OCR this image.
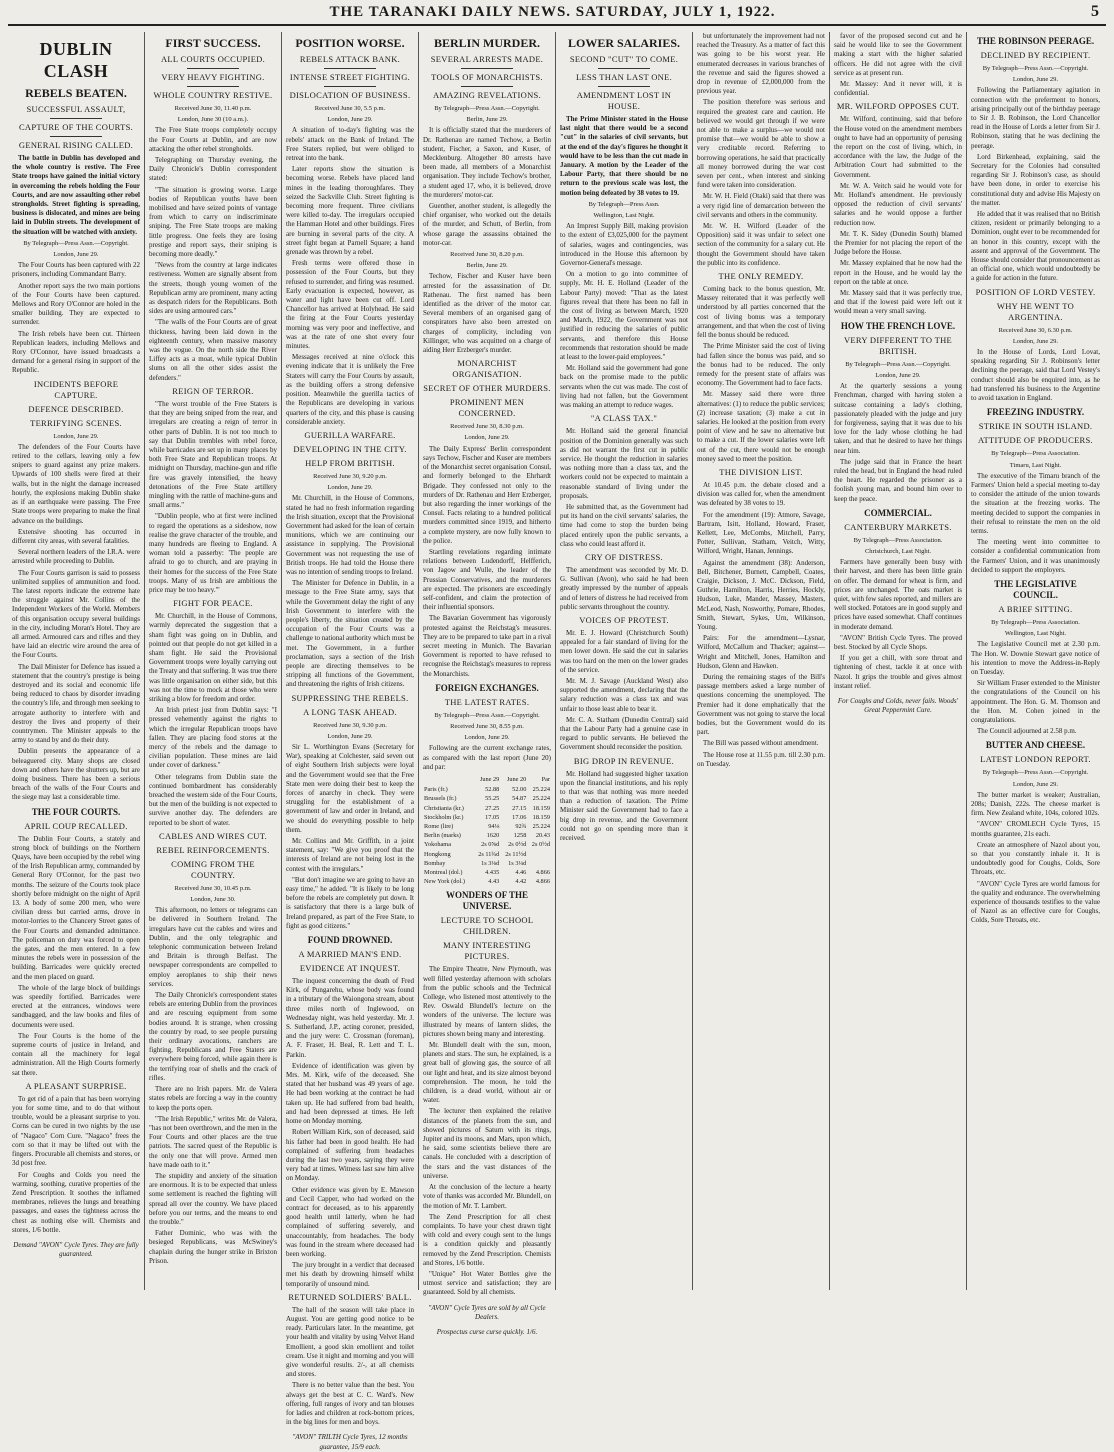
THE TARANAKI DAILY NEWS. SATURDAY, JULY 1, 1922.	5
DUBLIN CLASH
REBELS BEATEN.
SUCCESSFUL ASSAULT,
CAPTURE OF THE COURTS.
GENERAL RISING CALLED.

The battle in Dublin has developed and the whole country is restive. The Free State troops have gained the initial victory in overcoming the rebels holding the Four Courts, and are now assaulting other rebel strongholds. Street fighting is spreading, business is dislocated, and mines are being laid in Dublin streets. The development of the situation will be watched with anxiety.

By Telegraph—Press Assn.—Copyright.
London, June 29.

The Four Courts has been captured with 22 prisoners, including Commandant Barry.

Another report says the two main portions of the Four Courts have been captured. Mellows and Rory O'Connor are holed in the smaller building. They are expected to surrender.

The Irish rebels have been cut. Thirteen Republican leaders, including Mellows and Rory O'Connor, have issued broadcasts a demand for a general rising in support of the Republic.

INCIDENTS BEFORE CAPTURE.
DEFENCE DESCRIBED.
TERRIFYING SCENES.
London, June 29.

The defenders of the Four Courts have retired to the cellars, leaving only a few snipers to guard against any prize makers. Upwards of 100 shells were fired at their walls, but in the night the damage increased hourly, the explosions making Dublin shake as if an earthquake were passing. The Free State troops were preparing to make the final advance on the buildings.

Extensive shooting has occurred in different city areas, with several fatalities.

Several northern leaders of the I.R.A. were arrested while proceeding to Dublin.

The Four Courts garrison is said to possess unlimited supplies of ammunition and food. The latest reports indicate the extreme hate the struggle against Mr. Collins of the Independent Workers of the World. Members of this organisation occupy several buildings in the city, including Moran's Hotel. They are all armed. Armoured cars and rifles and they have laid an electric wire around the area of the Four Courts.

The Dail Minister for Defence has issued a statement that the country's prestige is being destroyed and its social and economic life being reduced to chaos by disorder invading the country's life, and through men seeking to arrogate authority to interfere with and destroy the lives and property of their countrymen. The Minister appeals to the army to stand by and do their duty.

Dublin presents the appearance of a beleaguered city. Many shops are closed down and others have the shutters up, but are doing business. There has been a serious breach of the walls of the Four Courts and the siege may last a considerable time.

THE FOUR COURTS.
APRIL COUP RECALLED.

The Dublin Four Courts, a stately and strong block of buildings on the Northern Quays, have been occupied by the rebel wing of the Irish Republican army, commanded by General Rory O'Connor, for the past two months. The seizure of the Courts took place shortly before midnight on the night of April 13. A body of some 200 men, who were civilian dress but carried arms, drove in motor-lorries to the Chancery Street gates of the Four Courts and demanded admittance. The policeman on duty was forced to open the gates, and the men entered. In a few minutes the rebels were in possession of the building. Barricades were quickly erected and the men placed on guard.

The whole of the large block of buildings was speedily fortified. Barricades were erected at the entrances, windows were sandbagged, and the law books and files of documents were used.

The Four Courts is the home of the supreme courts of justice in Ireland, and contain all the machinery for legal administration. All the High Courts formerly sat there.

A PLEASANT SURPRISE.

To get rid of a pain that has been worrying you for some time, and to do that without trouble, would be a pleasant surprise to you. Corns can be cured in two nights by the use of "Nagaco" Corn Cure. "Nagaco" frees the corn so that it may be lifted out with the fingers. Procurable all chemists and stores, or 3d post free.

For Coughs and Colds you need the warming, soothing, curative properties of the Zend Prescription. It soothes the inflamed membranes, relieves the lungs and breathing passages, and eases the tightness across the chest as nothing else will. Chemists and stores, 1/6 bottle.

Demand "AVON" Cycle Tyres. They are fully guaranteed.
FIRST SUCCESS.
ALL COURTS OCCUPIED.
VERY HEAVY FIGHTING.
WHOLE COUNTRY RESTIVE.
Received June 30, 11.40 p.m.
London, June 30 (10 a.m.).

The Free State troops completely occupy the Four Courts at Dublin, and are now attacking the other rebel strongholds.

Telegraphing on Thursday evening, the Daily Chronicle's Dublin correspondent stated:

"The situation is growing worse. Large bodies of Republican youths have been mobilised and have seized points of vantage from which to carry on indiscriminate sniping. The Free State troops are making little progress. One feels they are losing prestige and report says, their sniping is becoming more deadly."

"News from the country at large indicates restiveness. Women are signally absent from the streets, though young women of the Republican army are prominent, many acting as despatch riders for the Republicans. Both sides are using armoured cars."

"The walls of the Four Courts are of great thickness, having been laid down in the eighteenth century, when massive masonry was the vogue. On the north side the River Liffey acts as a moat, while typical Dublin slums on all the other sides assist the defenders."

REIGN OF TERROR.

"The worst trouble of the Free Staters is that they are being sniped from the rear, and irregulars are creating a reign of terror in other parts of Dublin. It is not too much to say that Dublin trembles with rebel force, while barricades are set up in many places by both Free State and Republican troops. At midnight on Thursday, machine-gun and rifle fire was gravely intensified, the heavy detonations of the Free State artillery mingling with the rattle of machine-guns and small arms."

"Dublin people, who at first were inclined to regard the operations as a sideshow, now realise the grave character of the trouble, and many hundreds are fleeing to England. A woman told a passerby: 'The people are afraid to go to church, and are praying in their homes for the success of the Free State troops. Many of us Irish are ambitious the price may be too heavy.'"

FIGHT FOR PEACE.

Mr. Churchill, in the House of Commons, warmly deprecated the suggestion that a sham fight was going on in Dublin, and pointed out that people do not get killed in a sham fight. He said the Provisional Government troops were loyally carrying out the Treaty and that suffering. It was true there was little organisation on either side, but this was not the time to mock at those who were striking a blow for freedom and order.

An Irish priest just from Dublin says: "I pressed vehemently against the rights to which the irregular Republican troops have fallen. They are placing food stores at the mercy of the rebels and the damage to civilian population. These mines are laid under cover of darkness."

Other telegrams from Dublin state the continued bombardment has considerably breached the western side of the Four Courts, but the men of the building is not expected to survive another day. The defenders are reported to be short of water.

CABLES AND WIRES CUT.
REBEL REINFORCEMENTS.
COMING FROM THE COUNTRY.
Received June 30, 10.45 p.m.
London, June 30.

This afternoon, no letters or telegrams can be delivered in Southern Ireland. The irregulars have cut the cables and wires and Dublin, and the only telegraphic and telephonic communication between Ireland and Britain is through Belfast. The newspaper correspondents are compelled to employ aeroplanes to ship their news services.

The Daily Chronicle's correspondent states rebels are entering Dublin from the provinces and are rescuing equipment from some bodies around. It is strange, when crossing the country by road, to see people pursuing their ordinary avocations, ranchers are fighting, Republicans and Free Staters are everywhere being forced, while again there is the terrifying roar of shells and the crack of rifles.

There are no Irish papers. Mr. de Valera states rebels are forcing a way in the country to keep the ports open.

"The Irish Republic," writes Mr. de Valera, "has not been overthrown, and the men in the Four Courts and other places are the true patriots. The sacred quest of the Republic is the only one that will prove. Armed men have made oath to it."

The stupidity and anxiety of the situation are enormous. It is to be expected that unless some settlement is reached the fighting will spread all over the country. We have placed before you our terms, and the means to end the trouble."

Father Dominic, who was with the besieged Republicans, was McSwiney's chaplain during the hunger strike in Brixton Prison.

POSITION WORSE.
REBELS ATTACK BANK.
INTENSE STREET FIGHTING.
DISLOCATION OF BUSINESS.
Received June 30, 5.5 p.m.
London, June 29.

A situation of to-day's fighting was the rebels' attack on the Bank of Ireland. The Free Staters replied, but were obliged to retreat into the bank.

Later reports show the situation is becoming worse. Rebels have placed land mines in the leading thoroughfares. They seized the Sackville Club. Street fighting is becoming more frequent. Three civilians were killed to-day. The irregulars occupied the Hamman Hotel and other buildings. Fires are burning in several parts of the city. A street fight began at Parnell Square; a hand grenade was thrown by a rebel.

Fresh terms were offered those in possession of the Four Courts, but they refused to surrender, and firing was resumed. Early evacuation is expected, however, as water and light have been cut off. Lord Chancellor has arrived at Holyhead. He said the firing at the Four Courts yesterday morning was very poor and ineffective, and was at the rate of one shot every four minutes.

Messages received at nine o'clock this evening indicate that it is unlikely the Free Staters will carry the Four Courts by assault, as the building offers a strong defensive position. Meanwhile the guerilla tactics of the Republicans are developing in various quarters of the city, and this phase is causing considerable anxiety.

GUERILLA WARFARE.
DEVELOPING IN THE CITY.
HELP FROM BRITISH.
Received June 30, 9.20 p.m.
London, June 29.

Mr. Churchill, in the House of Commons, stated he had no fresh information regarding the Irish situation, except that the Provisional Government had asked for the loan of certain munitions, which we are continuing our assistance in supplying. The Provisional Government was not requesting the use of British troops. He had told the House there was no intention of sending troops to Ireland.

The Minister for Defence in Dublin, in a message to the Free State army, says that while the Government delay the right of any Irish Government to interfere with the people's liberty, the situation created by the occupation of the Four Courts was a challenge to national authority which must be met. The Government, in a further proclamation, says a section of the Irish people are directing themselves to be stripping all functions of the Government, and threatening the rights of Irish citizens.

SUPPRESSING THE REBELS.
A LONG TASK AHEAD.
Received June 30, 9.30 p.m.
London, June 29.

Sir L. Worthington Evans (Secretary for War), speaking at Colchester, said seven out of eight Southern Irish subjects were loyal and the Government would see that the Free State men were doing their best to keep the forces of anarchy in check. They were struggling for the establishment of a government of law and order in Ireland, and we should do everything possible to help them.

Mr. Collins and Mr. Griffith, in a joint statement, say: "We give you proof that the interests of Ireland are not being lost in the contest with the irregulars."

"But don't imagine we are going to have an easy time," he added. "It is likely to be long before the rebels are completely put down. It is satisfactory that there is a large bulk of Ireland prepared, as part of the Free State, to fight as good citizens."

FOUND DROWNED.
A MARRIED MAN'S END.
EVIDENCE AT INQUEST.

The inquest concerning the death of Fred Kirk, of Pungarehu, whose body was found in a tributary of the Waiongona stream, about three miles north of Inglewood, on Wednesday night, was held yesterday. Mr. J. S. Sutherland, J.P., acting coroner, presided, and the jury were: C. Crossman (foreman), A. F. Fraser, H. Beal, R. Lett and T. L. Parkin.

Evidence of identification was given by Mrs. M. Kirk, wife of the deceased. She stated that her husband was 49 years of age. He had been working at the contract he had taken up. He had suffered from bad health, and had been depressed at times. He left home on Monday morning.

Robert William Kirk, son of deceased, said his father had been in good health. He had complained of suffering from headaches during the last two years, saying they were very bad at times. Witness last saw him alive on Monday.

Other evidence was given by E. Mawson and Cecil Capper, who had worked on the contract for deceased, as to his apparently good health until latterly, when he had complained of suffering severely, and unaccountably, from headaches. The body was found in the stream where deceased had been working.

The jury brought in a verdict that deceased met his death by drowning himself whilst temporarily of unsound mind.

RETURNED SOLDIERS' BALL.

The hall of the season will take place in August. You are getting good notice to be ready. Particulars later. In the meantime, get your health and vitality by using Velvet Hand Emollient, a good skin emollient and toilet cream. Use it night and morning and you will give wonderful results. 2/-, at all chemists and stores.

There is no better value than the best. You always get the best at C. C. Ward's. New offering, full ranges of ivory and tan blouses for ladies and children at rock-bottom prices, in the big lines for men and boys.

"AVON" TRILTH Cycle Tyres, 12 months guarantee, 15/9 each.
BERLIN MURDER.
SEVERAL ARRESTS MADE.
TOOLS OF MONARCHISTS.
AMAZING REVELATIONS.
By Telegraph—Press Assn.—Copyright.
Berlin, June 29.

It is officially stated that the murderers of Dr. Rathenau are named Techow, a Berlin student, Fischer, a Saxon, and Kuser, of Mecklenburg. Altogether 80 arrests have been made, all members of a Monarchist organisation. They include Techow's brother, a student aged 17, who, it is believed, drove the murderers' motor-car.

Guenther, another student, is allegedly the chief organiser, who worked out the details of the murder, and Schutt, of Berlin, from whose garage the assassins obtained the motor-car.

Received June 30, 8.20 p.m.
Berlin, June 29.

Techow, Fischer and Kuser have been arrested for the assassination of Dr. Rathenau. The first named has been identified as the driver of the motor car. Several members of an organised gang of conspirators have also been arrested on charges of complicity, including von Killinger, who was acquitted on a charge of aiding Herr Erzberger's murder.

MONARCHIST ORGANISATION.
SECRET OF OTHER MURDERS.
PROMINENT MEN CONCERNED.
Received June 30, 8.30 p.m.
London, June 29.

The Daily Express' Berlin correspondent says Techow, Fischer and Kuser are members of the Monarchist secret organisation Consul, and formerly belonged to the Ehrhardt Brigade. They confessed not only to the murders of Dr. Rathenau and Herr Erzberger, but also regarding the inner workings of the Consul. Facts relating to a hundred political murders committed since 1919, and hitherto a complete mystery, are now fully known to the police.

Startling revelations regarding intimate relations between Ludendorff, Helfferich, von Jagow and Wulle, the leader of the Prussian Conservatives, and the murderers are expected. The prisoners are exceedingly self-confident, and claim the protection of their influential sponsors.

The Bavarian Government has vigorously protested against the Reichstag's measures. They are to be prepared to take part in a rival secret meeting in Munich. The Bavarian Government is reported to have refused to recognise the Reichstag's measures to repress the Monarchists.

FOREIGN EXCHANGES.
THE LATEST RATES.
By Telegraph—Press Assn.—Copyright.
Received June 30, 8.55 p.m.
London, June 29.

Following are the current exchange rates, as compared with the last report (June 20) and par:

	June 29	June 20	Par
Paris (fr.)	52.88	52.00	25.224
Brussels (fr.)	55.25	54.87	25.224
Christiania (kr.)	27.25	27.15	18.159
Stockholm (kr.)	17.05	17.06	18.159
Rome (lire)	94⅛	92¾	25.224
Berlin (marks)	1620	1258	20.43
Yokohama	2s 0⅝d	2s 0½d	2s 0½d
Hongkong	2s 11¾d	2s 11½d	
Bombay	1s 3⅛d	1s 3¼d	
Montreal (dol.)	4.435	4.46	4.866
New York (dol.)	4.43	4.42	4.866
WONDERS OF THE UNIVERSE.
LECTURE TO SCHOOL CHILDREN.
MANY INTERESTING PICTURES.

The Empire Theatre, New Plymouth, was well filled yesterday afternoon with scholars from the public schools and the Technical College, who listened most attentively to the Rev. Oswald Blundell's lecture on the wonders of the universe. The lecture was illustrated by means of lantern slides, the pictures shown being many and interesting.

Mr. Blundell dealt with the sun, moon, planets and stars. The sun, he explained, is a great ball of glowing gas, the source of all our light and heat, and its size almost beyond comprehension. The moon, he told the children, is a dead world, without air or water.

The lecturer then explained the relative distances of the planets from the sun, and showed pictures of Saturn with its rings, Jupiter and its moons, and Mars, upon which, he said, some scientists believe there are canals. He concluded with a description of the stars and the vast distances of the universe.

At the conclusion of the lecture a hearty vote of thanks was accorded Mr. Blundell, on the motion of Mr. T. Lambert.

The Zend Prescription for all chest complaints. To have your chest drawn tight with cold and every cough sent to the lungs is a condition quickly and pleasantly removed by the Zend Prescription. Chemists and Stores, 1/6 bottle.

"Unique" Hot Water Bottles give the utmost service and satisfaction; they are guaranteed. Sold by all chemists.

"AVON" Cycle Tyres are sold by all Cycle Dealers.
Prospectus curse curse quickly. 1/6.
LOWER SALARIES.
SECOND "CUT" TO COME.
LESS THAN LAST ONE.
AMENDMENT LOST IN HOUSE.

The Prime Minister stated in the House last night that there would be a second "cut" in the salaries of civil servants, but at the end of the day's figures he thought it would have to be less than the cut made in January. A motion by the Leader of the Labour Party, that there should be no return to the previous scale was lost, the motion being defeated by 38 votes to 19.

By Telegraph—Press Assn.
Wellington, Last Night.

An Imprest Supply Bill, making provision to the extent of £3,025,000 for the payment of salaries, wages and contingencies, was introduced in the House this afternoon by Governor-General's message.

On a motion to go into committee of supply, Mr. H. E. Holland (Leader of the Labour Party) moved: "That as the latest figures reveal that there has been no fall in the cost of living as between March, 1920 and March, 1922, the Government was not justified in reducing the salaries of public servants, and therefore this House recommends that restoration should be made at least to the lower-paid employees."

Mr. Holland said the government had gone back on the promise made to the public servants when the cut was made. The cost of living had not fallen, but the Government was making an attempt to reduce wages.

"A CLASS TAX."

Mr. Holland said the general financial position of the Dominion generally was such as did not warrant the first cut in public service. He thought the reduction in salaries was nothing more than a class tax, and the workers could not be expected to maintain a reasonable standard of living under the proposals.

He submitted that, as the Government had put its hand on the civil servants' salaries, the time had come to stop the burden being placed entirely upon the public servants, a class who could least afford it.

CRY OF DISTRESS.

The amendment was seconded by Mr. D. G. Sullivan (Avon), who said he had been greatly impressed by the number of appeals and of letters of distress he had received from public servants throughout the country.

VOICES OF PROTEST.

Mr. E. J. Howard (Christchurch South) appealed for a fair standard of living for the men lower down. He said the cut in salaries was too hard on the men on the lower grades of the service.

Mr. M. J. Savage (Auckland West) also supported the amendment, declaring that the salary reduction was a class tax and was unfair to those least able to bear it.

Mr. C. A. Statham (Dunedin Central) said that the Labour Party had a genuine case in regard to public servants. He believed the Government should reconsider the position.

BIG DROP IN REVENUE.

Mr. Holland had suggested higher taxation upon the financial institutions, and his reply to that was that nothing was more needed than a reduction of taxation. The Prime Minister said the Government had to face a big drop in revenue, and the Government could not go on spending more than it received.

but unfortunately the improvement had not reached the Treasury. As a matter of fact this was going to be his worst year. He enumerated decreases in various branches of the revenue and said the figures showed a drop in revenue of £2,000,000 from the previous year.

The position therefore was serious and required the greatest care and caution. He believed we would get through if we were not able to make a surplus—we would not promise that—we would be able to show a very creditable record. Referring to borrowing operations, he said that practically all money borrowed during the war cost seven per cent., when interest and sinking fund were taken into consideration.

Mr. W. H. Field (Otaki) said that there was a very rigid line of demarcation between the civil servants and others in the community.

Mr. W. H. Wilford (Leader of the Opposition) said it was unfair to select one section of the community for a salary cut. He thought the Government should have taken the public into its confidence.

THE ONLY REMEDY.

Coming back to the bonus question, Mr. Massey reiterated that it was perfectly well understood by all parties concerned that the cost of living bonus was a temporary arrangement, and that when the cost of living fell the bonus should be reduced.

The Prime Minister said the cost of living had fallen since the bonus was paid, and so the bonus had to be reduced. The only remedy for the present state of affairs was economy. The Government had to face facts.

Mr. Massey said there were three alternatives: (1) to reduce the public services; (2) increase taxation; (3) make a cut in salaries. He looked at the position from every point of view and he saw no alternative but to make a cut. If the lower salaries were left out of the cut, there would not be enough money saved to meet the position.

THE DIVISION LIST.

At 10.45 p.m. the debate closed and a division was called for, when the amendment was defeated by 38 votes to 19.

For the amendment (19): Atmore, Savage, Bartram, Isitt, Holland, Howard, Fraser, Kellett, Lee, McCombs, Mitchell, Parry, Potter, Sullivan, Statham, Veitch, Witty, Wilford, Wright, Hanan, Jennings.

Against the amendment (38): Anderson, Bell, Bitchener, Burnett, Campbell, Coates, Craigie, Dickson, J. McC. Dickson, Field, Guthrie, Hamilton, Harris, Herries, Hockly, Hudson, Luke, Mander, Massey, Masters, McLeod, Nash, Nosworthy, Pomare, Rhodes, Smith, Stewart, Sykes, Urn, Wilkinson, Young.

Pairs: For the amendment—Lysnar, Wilford, McCallum and Thacker; against—Wright and Mitchell, Jones, Hamilton and Hudson, Glenn and Hawken.

During the remaining stages of the Bill's passage members asked a large number of questions concerning the unemployed. The Premier had it done emphatically that the Government was not going to starve the local bodies, but the Government would do its part.

The Bill was passed without amendment.

The House rose at 11.55 p.m. till 2.30 p.m. on Tuesday.

favor of the proposed second cut and he said he would like to see the Government making a start with the higher salaried officers. He did not agree with the civil service as at present run.

Mr. Massey: And it never will, it is confidential.

MR. WILFORD OPPOSES CUT.

Mr. Wilford, continuing, said that before the House voted on the amendment members ought to have had an opportunity of perusing the report on the cost of living, which, in accordance with the law, the Judge of the Arbitration Court had submitted to the Government.

Mr. W. A. Veitch said he would vote for Mr. Holland's amendment. He previously opposed the reduction of civil servants' salaries and he would oppose a further reduction now.

Mr. T. K. Sidey (Dunedin South) blamed the Premier for not placing the report of the Judge before the House.

Mr. Massey explained that he now had the report in the House, and he would lay the report on the table at once.

Mr. Massey said that it was perfectly true, and that if the lowest paid were left out it would mean a very small saving.

HOW THE FRENCH LOVE.
VERY DIFFERENT TO THE BRITISH.
By Telegraph—Press Assn.—Copyright.
London, June 29.

At the quarterly sessions a young Frenchman, charged with having stolen a suitcase containing a lady's clothing, passionately pleaded with the judge and jury for forgiveness, saying that it was due to his love for the lady whose clothing he had taken, and that he desired to have her things near him.

The judge said that in France the heart ruled the head, but in England the head ruled the heart. He regarded the prisoner as a foolish young man, and bound him over to keep the peace.

COMMERCIAL.
CANTERBURY MARKETS.
By Telegraph—Press Association.
Christchurch, Last Night.

Farmers have generally been busy with their harvest, and there has been little grain on offer. The demand for wheat is firm, and prices are unchanged. The oats market is quiet, with few sales reported, and millers are well stocked. Potatoes are in good supply and prices have eased somewhat. Chaff continues in moderate demand.

"AVON" British Cycle Tyres. The proved best. Stocked by all Cycle Shops.

If you get a chill, with sore throat and tightening of chest, tackle it at once with Nazol. It grips the trouble and gives almost instant relief.

For Coughs and Colds, never fails. Woods' Great Peppermint Cure.
THE ROBINSON PEERAGE.
DECLINED BY RECIPIENT.
By Telegraph—Press Assn.—Copyright.
London, June 29.

Following the Parliamentary agitation in connection with the preferment to honors, arising principally out of the birthday peerage to Sir J. B. Robinson, the Lord Chancellor read in the House of Lords a letter from Sir J. Robinson, stating that he was declining the peerage.

Lord Birkenhead, explaining, said the Secretary for the Colonies had consulted regarding Sir J. Robinson's case, as should have been done, in order to exercise his constitutional duty and advise His Majesty on the matter.

He added that it was realised that no British citizen, resident or primarily belonging to a Dominion, ought ever to be recommended for an honor in this country, except with the assent and approval of the Government. The House should consider that pronouncement as an official one, which would undoubtedly be a guide for action in the future.

POSITION OF LORD VESTEY.
WHY HE WENT TO ARGENTINA.
Received June 30, 6.30 p.m.
London, June 29.

In the House of Lords, Lord Lovat, speaking regarding Sir J. Robinson's letter declining the peerage, said that Lord Vestey's conduct should also be enquired into, as he had transferred his business to the Argentine to avoid taxation in England.

FREEZING INDUSTRY.
STRIKE IN SOUTH ISLAND.
ATTITUDE OF PRODUCERS.
By Telegraph—Press Association.
Timaru, Last Night.

The executive of the Timaru branch of the Farmers' Union held a special meeting to-day to consider the attitude of the union towards the situation at the freezing works. The meeting decided to support the companies in their refusal to reinstate the men on the old terms.

The meeting went into committee to consider a confidential communication from the Farmers' Union, and it was unanimously decided to support the employers.

THE LEGISLATIVE COUNCIL.
A BRIEF SITTING.
By Telegraph—Press Association.
Wellington, Last Night.

The Legislative Council met at 2.30 p.m. The Hon. W. Downie Stewart gave notice of his intention to move the Address-in-Reply on Tuesday.

Sir William Fraser extended to the Minister the congratulations of the Council on his appointment. The Hon. G. M. Thomson and the Hon. M. Cohen joined in the congratulations.

The Council adjourned at 2.58 p.m.

BUTTER AND CHEESE.
LATEST LONDON REPORT.
By Telegraph—Press Assn.—Copyright.
London, June 29.

The butter market is weaker; Australian, 208s; Danish, 222s. The cheese market is firm. New Zealand white, 104s, colored 102s.

"AVON" CROMLECH Cycle Tyres, 15 months guarantee, 21s each.

Create an atmosphere of Nazol about you, so that you constantly inhale it. It is undoubtedly good for Coughs, Colds, Sore Throats, etc.

"AVON" Cycle Tyres are world famous for the quality and endurance. The overwhelming experience of thousands testifies to the value of Nazol as an effective cure for Coughs, Colds, Sore Throats, etc.
